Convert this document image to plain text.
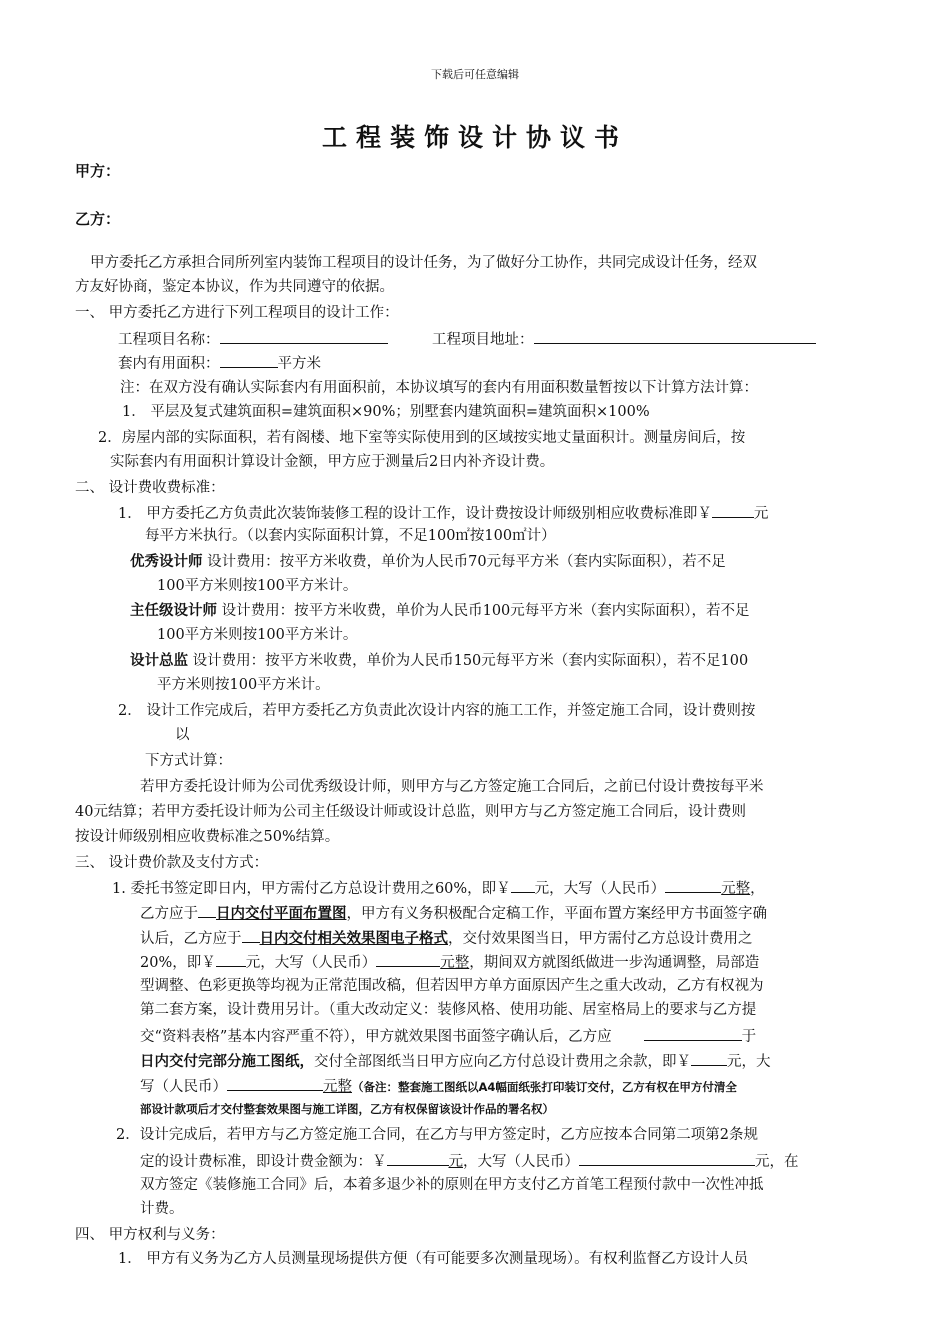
下载后可任意编辑
工程装饰设计协议书
甲方：
乙方：
甲方委托乙方承担合同所列室内装饰工程项目的设计任务，为了做好分工协作，共同完成设计任务，经双
方友好协商，鉴定本协议，作为共同遵守的依据。
一、 甲方委托乙方进行下列工程项目的设计工作：
工程项目名称：	工程项目地址：
套内有用面积：	平方米
注：在双方没有确认实际套内有用面积前，本协议填写的套内有用面积数量暂按以下计算方法计算：
1． 平层及复式建筑面积=建筑面积×90%；别墅套内建筑面积=建筑面积×100%
2．房屋内部的实际面积，若有阁楼、地下室等实际使用到的区域按实地丈量面积计。测量房间后，按
实际套内有用面积计算设计金额，甲方应于测量后2日内补齐设计费。
二、 设计费收费标准：
1． 甲方委托乙方负责此次装饰装修工程的设计工作，设计费按设计师级别相应收费标准即￥	元
每平方米执行。（以套内实际面积计算，不足100㎡按100㎡计）
优秀设计师 设计费用：按平方米收费，单价为人民币70元每平方米（套内实际面积），若不足
100平方米则按100平方米计。
主任级设计师 设计费用：按平方米收费，单价为人民币100元每平方米（套内实际面积），若不足
100平方米则按100平方米计。
设计总监 设计费用：按平方米收费，单价为人民币150元每平方米（套内实际面积），若不足100
平方米则按100平方米计。
2． 设计工作完成后，若甲方委托乙方负责此次设计内容的施工工作，并签定施工合同，设计费则按
以
下方式计算：
若甲方委托设计师为公司优秀级设计师，则甲方与乙方签定施工合同后，之前已付设计费按每平米
40元结算；若甲方委托设计师为公司主任级设计师或设计总监，则甲方与乙方签定施工合同后，设计费则
按设计师级别相应收费标准之50%结算。
三、 设计费价款及支付方式：
1. 委托书签定即日内，甲方需付乙方总设计费用之60%，即￥ 元，大写（人民币）	元整，
乙方应于 日内交付平面布置图，甲方有义务积极配合定稿工作，平面布置方案经甲方书面签字确
认后，乙方应于 日内交付相关效果图电子格式，交付效果图当日，甲方需付乙方总设计费用之
20%，即￥ 元，大写（人民币）	元整，期间双方就图纸做进一步沟通调整，局部造
型调整、色彩更换等均视为正常范围改稿，但若因甲方单方面原因产生之重大改动，乙方有权视为
第二套方案，设计费用另计。（重大改动定义：装修风格、使用功能、居室格局上的要求与乙方提
交“资料表格”基本内容严重不符），甲方就效果图书面签字确认后，乙方应	于
日内交付完部分施工图纸，交付全部图纸当日甲方应向乙方付总设计费用之余款，即￥ 元，大
写（人民币）	元整（备注：整套施工图纸以A4幅面纸张打印装订交付，乙方有权在甲方付清全
部设计款项后才交付整套效果图与施工详图，乙方有权保留该设计作品的署名权）
2．设计完成后，若甲方与乙方签定施工合同，在乙方与甲方签定时，乙方应按本合同第二项第2条规
定的设计费标准，即设计费金额为：￥	元，大写（人民币）	元，在
双方签定《装修施工合同》后，本着多退少补的原则在甲方支付乙方首笔工程预付款中一次性冲抵
计费。
四、 甲方权利与义务：
1． 甲方有义务为乙方人员测量现场提供方便（有可能要多次测量现场）。有权利监督乙方设计人员
